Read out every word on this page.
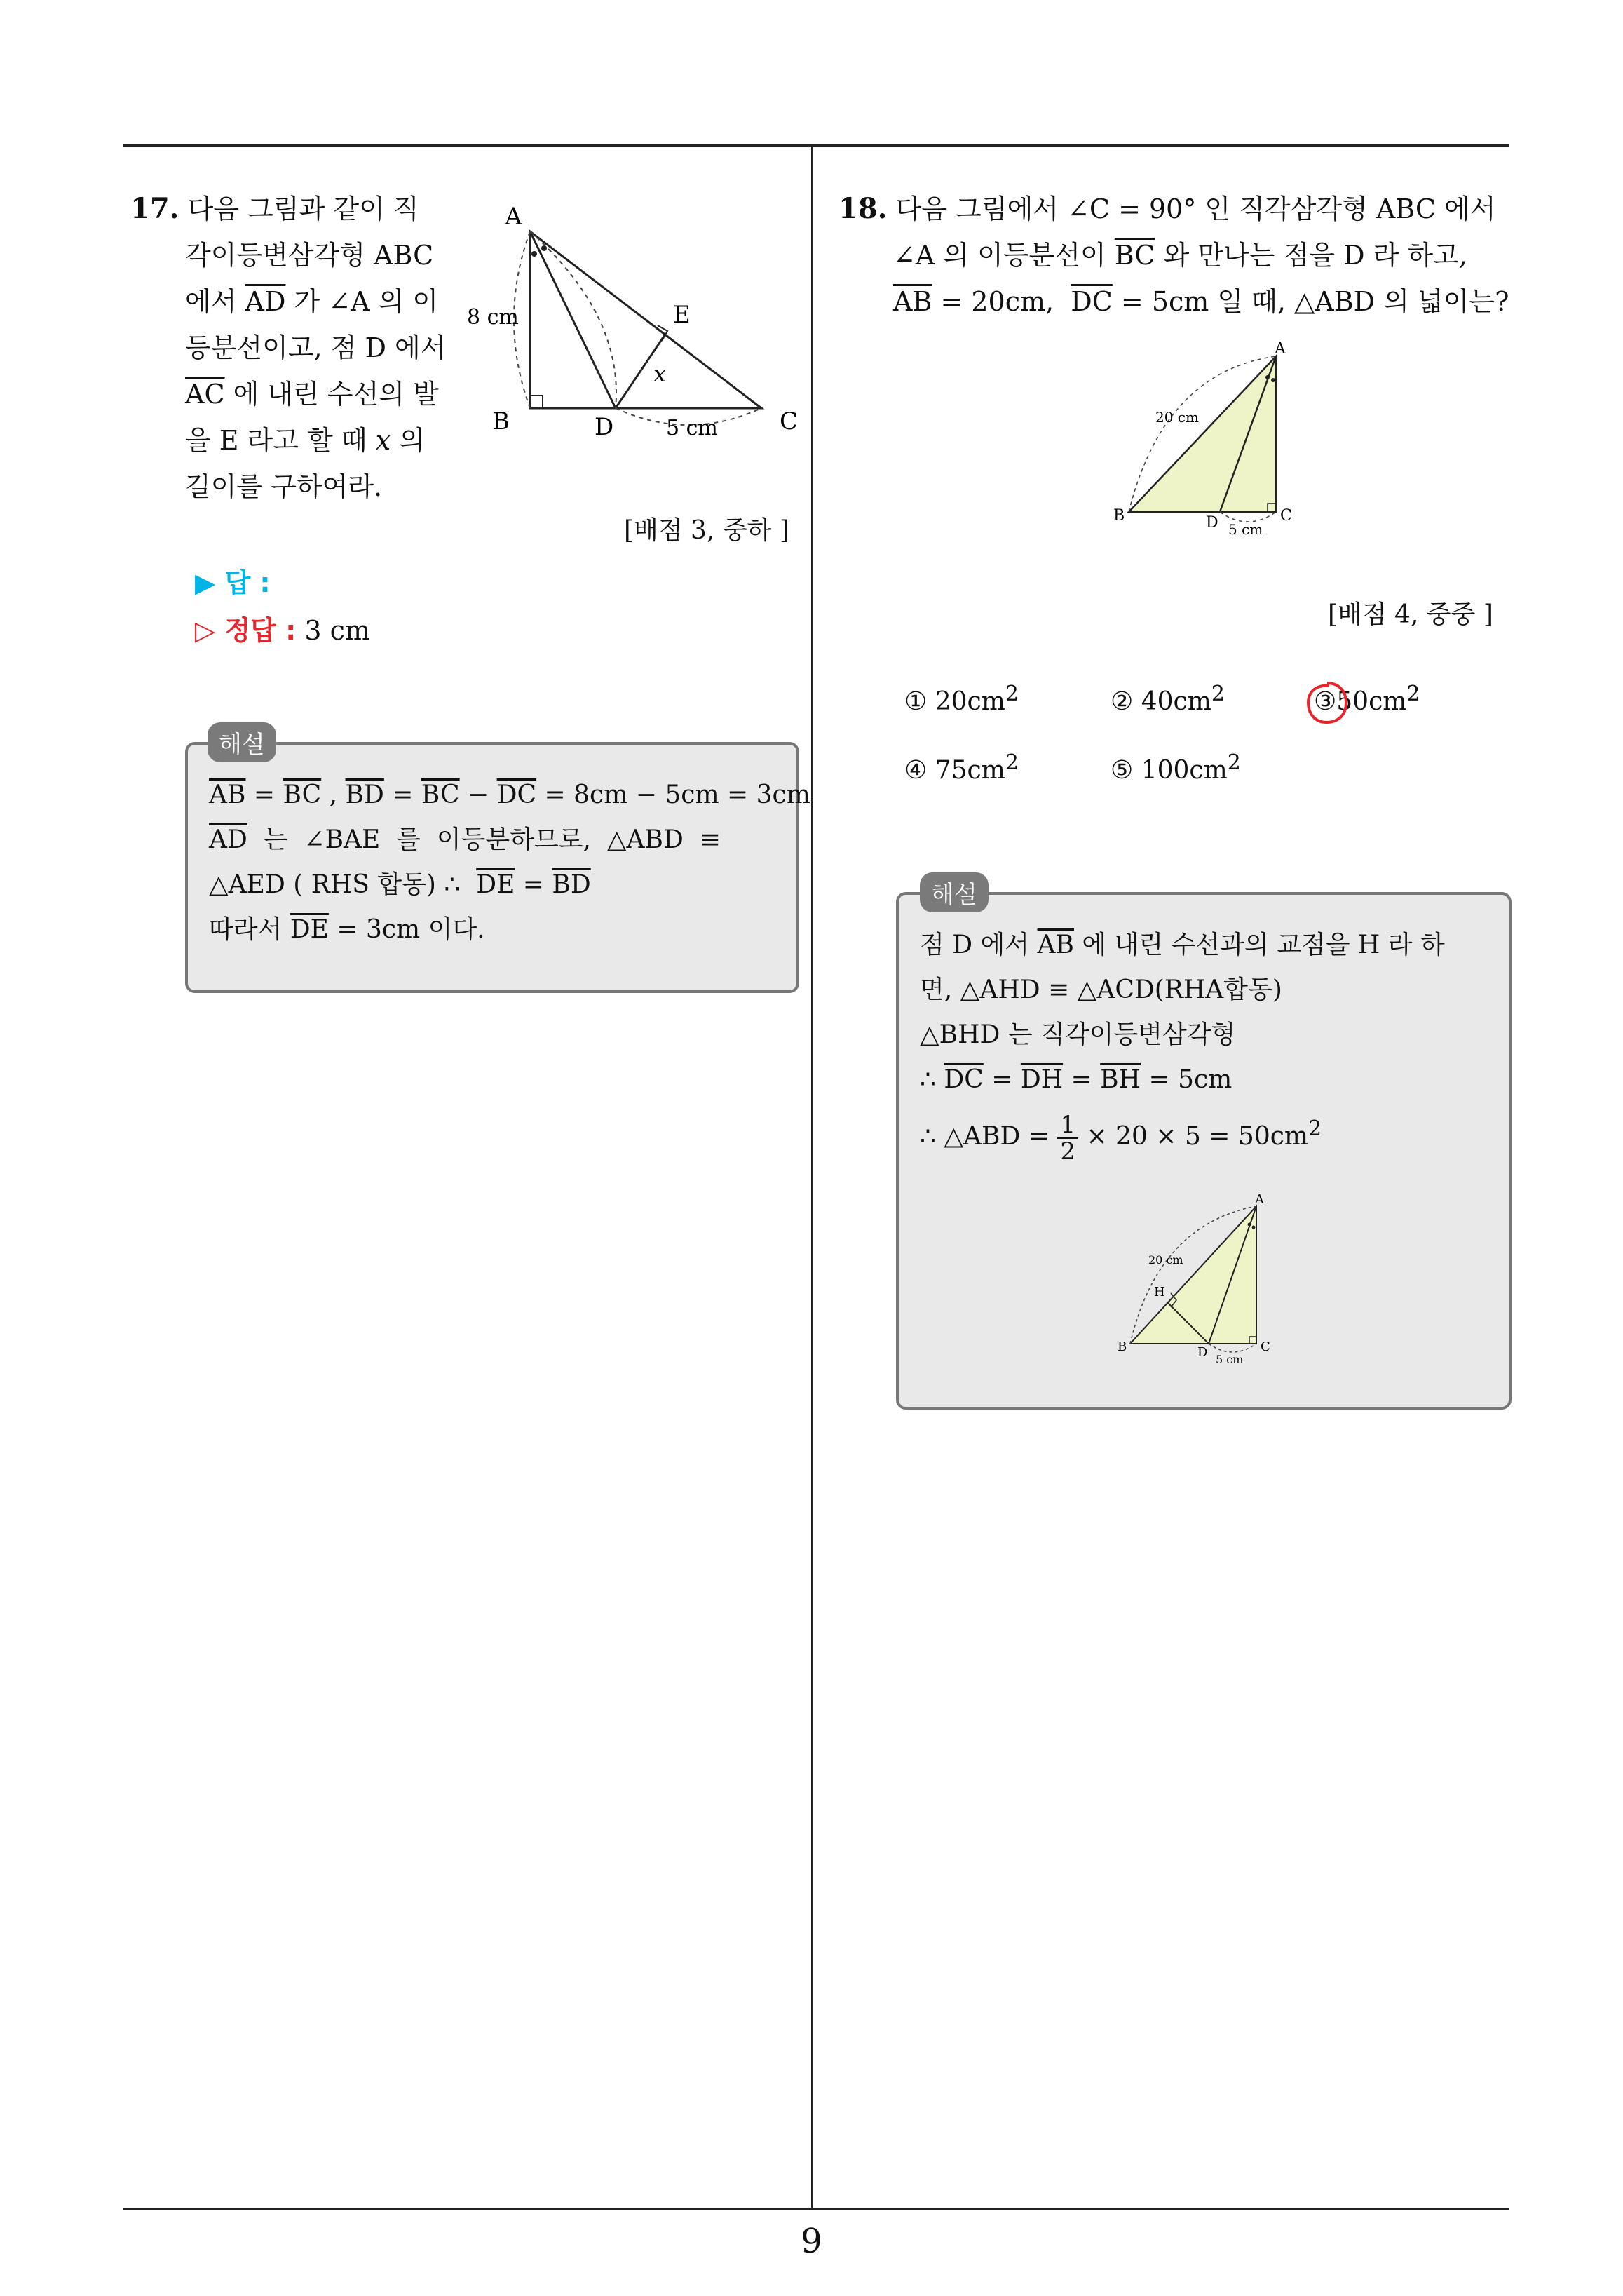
17. 다음 그림과 같이 직
각이등변삼각형 ABC
에서 $\overline{AD}$ 가 ∠A 의 이
등분선이고, 점 D 에서
$\overline{AC}$ 에 내린 수선의 발
을 E 라고 할 때 x 의
길이를 구하여라.
A
B	C
D
E
x
8 cm
5 cm
[배점 3, 중하 ]
▶ 답 :
▷ 정답 : 3 cm
$\overline{AB} = \overline{BC}$ , $\overline{BD} = \overline{BC} - \overline{DC} = 8cm - 5cm = 3cm$
$\overline{AD}$  는  ∠BAE  를  이등분하므로,  △ABD  ≡
△AED ( RHS 합동) ∴  $\overline{DE} = \overline{BD}$
따라서 $\overline{DE} = 3cm$ 이다.
해설
18. 다음 그림에서 ∠C = 90° 인 직각삼각형 ABC 에서
∠A 의 이등분선이 $\overline{BC}$ 와 만나는 점을 D 라 하고,
$\overline{AB} = 20cm$,  $\overline{DC} = 5cm$ 일 때, △ABD 의 넓이는?
A
B	C
D
20 cm
5 cm
[배점 4, 중중 ]
① $20cm^2$	② $40cm^2$	③
$50cm^2$
④ $75cm^2$	⑤ $100cm^2$
점 D 에서 $\overline{AB}$ 에 내린 수선과의 교점을 H 라 하
면, △AHD ≡ △ACD(RHA합동)
△BHD 는 직각이등변삼각형
∴ $\overline{DC} = \overline{DH} = \overline{BH} = 5cm$
∴ △ABD = $\frac{1}{2} \times 20 \times 5 = 50cm^2$
A
B	C
D
H
20 cm
5 cm
해설
9
